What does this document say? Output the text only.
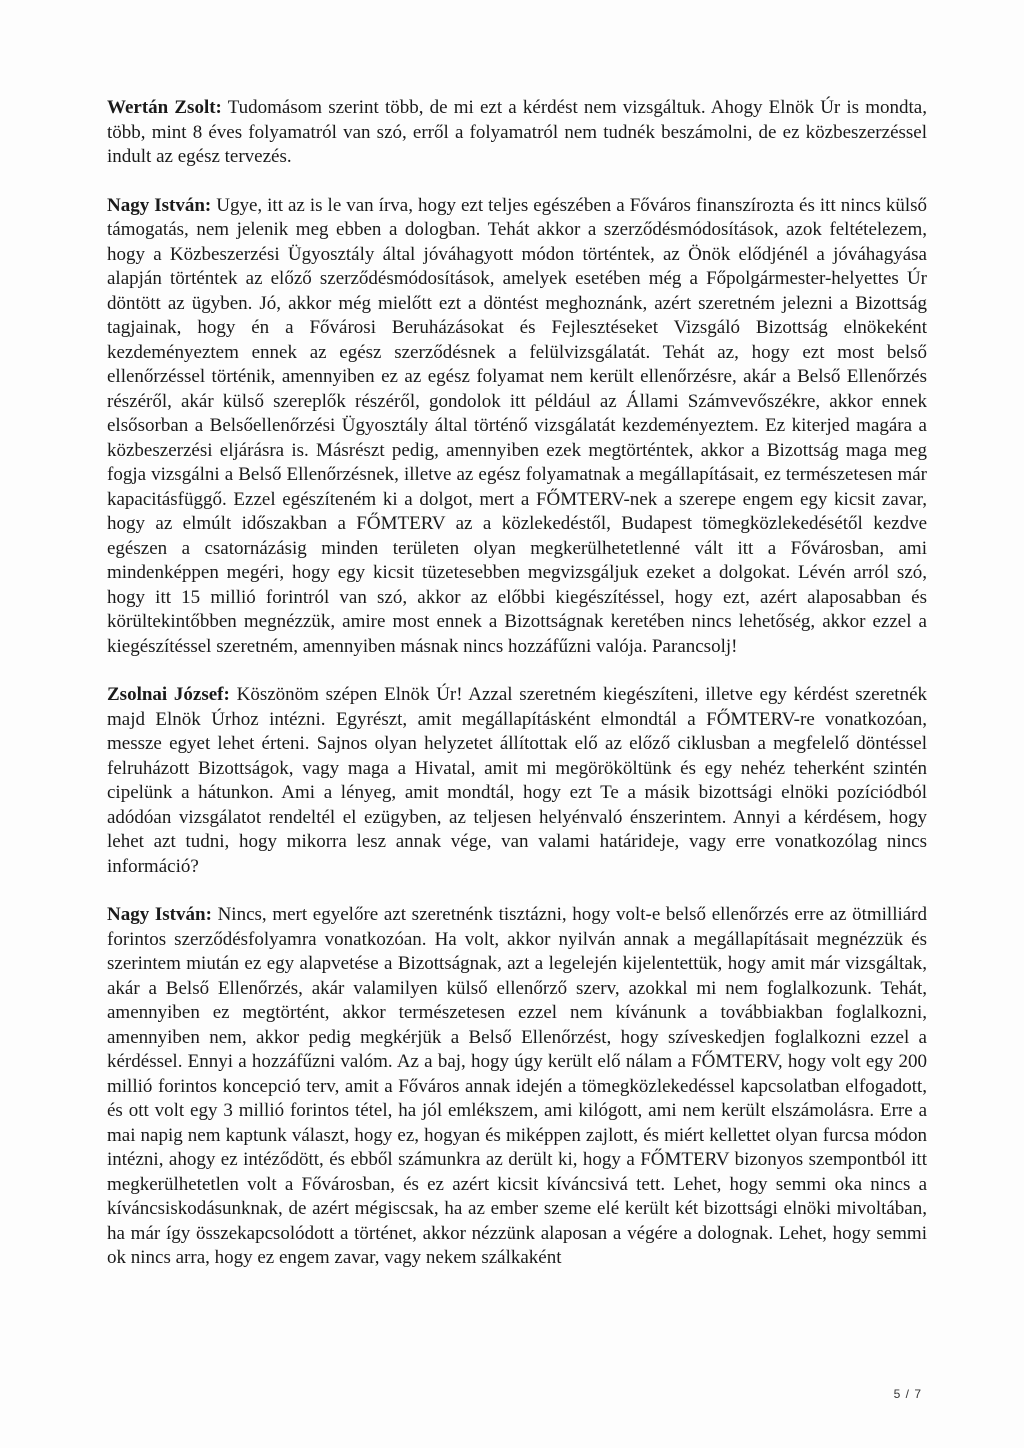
Wertán Zsolt: Tudomásom szerint több, de mi ezt a kérdést nem vizsgáltuk. Ahogy Elnök Úr is mondta, több, mint 8 éves folyamatról van szó, erről a folyamatról nem tudnék beszámolni, de ez közbeszerzéssel indult az egész tervezés.

Nagy István: Ugye, itt az is le van írva, hogy ezt teljes egészében a Főváros finanszírozta és itt nincs külső támogatás, nem jelenik meg ebben a dologban. Tehát akkor a szerződésmódosítások, azok feltételezem, hogy a Közbeszerzési Ügyosztály által jóváhagyott módon történtek, az Önök elődjénél a jóváhagyása alapján történtek az előző szerződésmódosítások, amelyek esetében még a Főpolgármester-helyettes Úr döntött az ügyben. Jó, akkor még mielőtt ezt a döntést meghoznánk, azért szeretném jelezni a Bizottság tagjainak, hogy én a Fővárosi Beruházásokat és Fejlesztéseket Vizsgáló Bizottság elnökeként kezdeményeztem ennek az egész szerződésnek a felülvizsgálatát. Tehát az, hogy ezt most belső ellenőrzéssel történik, amennyiben ez az egész folyamat nem került ellenőrzésre, akár a Belső Ellenőrzés részéről, akár külső szereplők részéről, gondolok itt például az Állami Számvevőszékre, akkor ennek elsősorban a Belsőellenőrzési Ügyosztály által történő vizsgálatát kezdeményeztem. Ez kiterjed magára a közbeszerzési eljárásra is. Másrészt pedig, amennyiben ezek megtörténtek, akkor a Bizottság maga meg fogja vizsgálni a Belső Ellenőrzésnek, illetve az egész folyamatnak a megállapításait, ez természetesen már kapacitásfüggő. Ezzel egészíteném ki a dolgot, mert a FŐMTERV-nek a szerepe engem egy kicsit zavar, hogy az elmúlt időszakban a FŐMTERV az a közlekedéstől, Budapest tömegközlekedésétől kezdve egészen a csatornázásig minden területen olyan megkerülhetetlenné vált itt a Fővárosban, ami mindenképpen megéri, hogy egy kicsit tüzetesebben megvizsgáljuk ezeket a dolgokat. Lévén arról szó, hogy itt 15 millió forintról van szó, akkor az előbbi kiegészítéssel, hogy ezt, azért alaposabban és körültekintőbben megnézzük, amire most ennek a Bizottságnak keretében nincs lehetőség, akkor ezzel a kiegészítéssel szeretném, amennyiben másnak nincs hozzáfűzni valója. Parancsolj!

Zsolnai József: Köszönöm szépen Elnök Úr! Azzal szeretném kiegészíteni, illetve egy kérdést szeretnék majd Elnök Úrhoz intézni. Egyrészt, amit megállapításként elmondtál a FŐMTERV-re vonatkozóan, messze egyet lehet érteni. Sajnos olyan helyzetet állítottak elő az előző ciklusban a megfelelő döntéssel felruházott Bizottságok, vagy maga a Hivatal, amit mi megörököltünk és egy nehéz teherként szintén cipelünk a hátunkon. Ami a lényeg, amit mondtál, hogy ezt Te a másik bizottsági elnöki pozíciódból adódóan vizsgálatot rendeltél el ezügyben, az teljesen helyénvaló énszerintem. Annyi a kérdésem, hogy lehet azt tudni, hogy mikorra lesz annak vége, van valami határideje, vagy erre vonatkozólag nincs információ?

Nagy István: Nincs, mert egyelőre azt szeretnénk tisztázni, hogy volt-e belső ellenőrzés erre az ötmilliárd forintos szerződésfolyamra vonatkozóan. Ha volt, akkor nyilván annak a megállapításait megnézzük és szerintem miután ez egy alapvetése a Bizottságnak, azt a legelején kijelentettük, hogy amit már vizsgáltak, akár a Belső Ellenőrzés, akár valamilyen külső ellenőrző szerv, azokkal mi nem foglalkozunk. Tehát, amennyiben ez megtörtént, akkor természetesen ezzel nem kívánunk a továbbiakban foglalkozni, amennyiben nem, akkor pedig megkérjük a Belső Ellenőrzést, hogy szíveskedjen foglalkozni ezzel a kérdéssel. Ennyi a hozzáfűzni valóm. Az a baj, hogy úgy került elő nálam a FŐMTERV, hogy volt egy 200 millió forintos koncepció terv, amit a Főváros annak idején a tömegközlekedéssel kapcsolatban elfogadott, és ott volt egy 3 millió forintos tétel, ha jól emlékszem, ami kilógott, ami nem került elszámolásra. Erre a mai napig nem kaptunk választ, hogy ez, hogyan és miképpen zajlott, és miért kellettet olyan furcsa módon intézni, ahogy ez intéződött, és ebből számunkra az derült ki, hogy a FŐMTERV bizonyos szempontból itt megkerülhetetlen volt a Fővárosban, és ez azért kicsit kíváncsivá tett. Lehet, hogy semmi oka nincs a kíváncsiskodásunknak, de azért mégiscsak, ha az ember szeme elé került két bizottsági elnöki mivoltában, ha már így összekapcsolódott a történet, akkor nézzünk alaposan a végére a dolognak. Lehet, hogy semmi ok nincs arra, hogy ez engem zavar, vagy nekem szálkaként

5 / 7
